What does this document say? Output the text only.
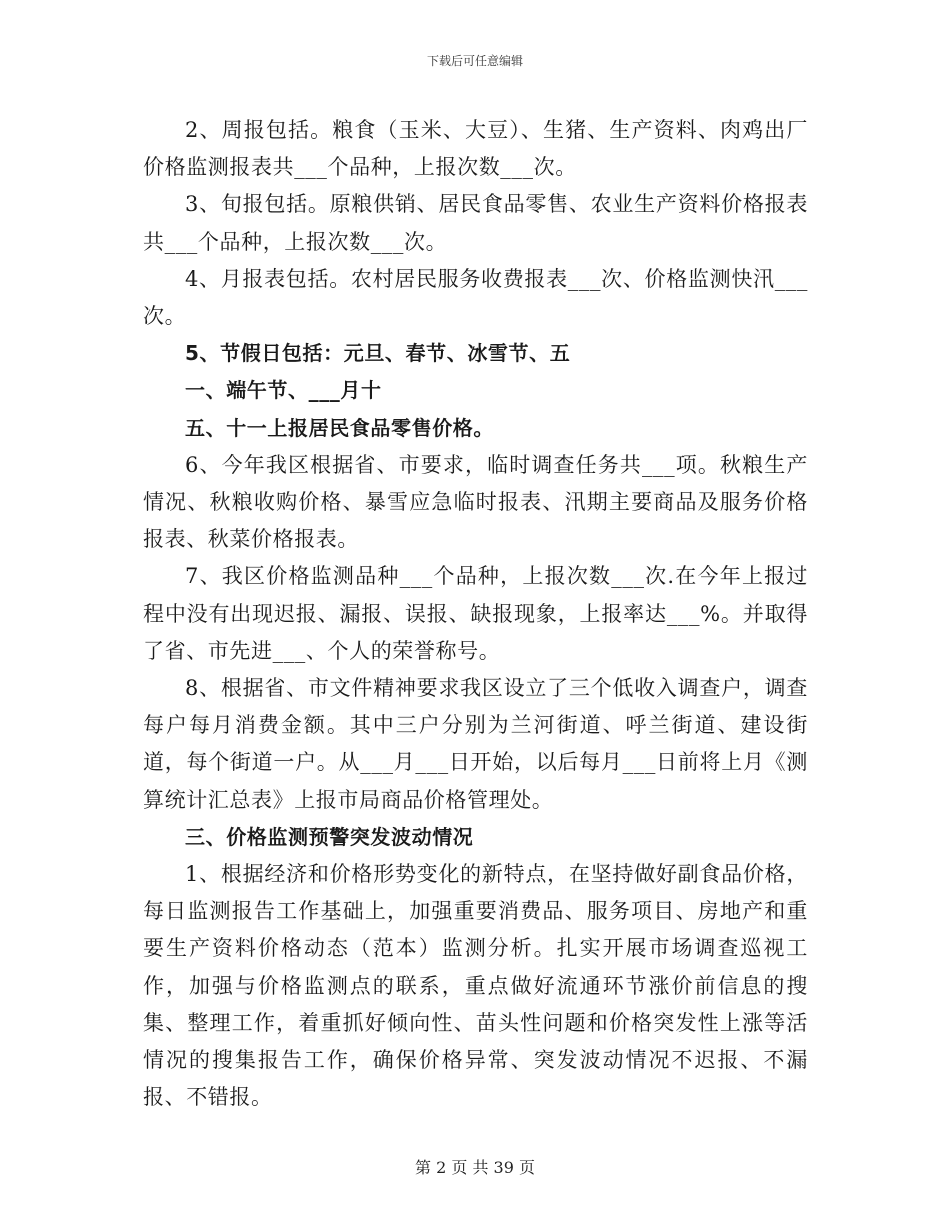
下载后可任意编辑

2、周报包括。粮食（玉米、大豆）、生猪、生产资料、肉鸡出厂价格监测报表共___个品种，上报次数___次。

3、旬报包括。原粮供销、居民食品零售、农业生产资料价格报表共___个品种，上报次数___次。

4、月报表包括。农村居民服务收费报表___次、价格监测快汛___次。

5、节假日包括：元旦、春节、冰雪节、五

一、端午节、___月十

五、十一上报居民食品零售价格。

6、今年我区根据省、市要求，临时调查任务共___项。秋粮生产情况、秋粮收购价格、暴雪应急临时报表、汛期主要商品及服务价格报表、秋菜价格报表。

7、我区价格监测品种___个品种，上报次数___次.在今年上报过程中没有出现迟报、漏报、误报、缺报现象，上报率达___%。并取得了省、市先进___、个人的荣誉称号。

8、根据省、市文件精神要求我区设立了三个低收入调查户，调查每户每月消费金额。其中三户分别为兰河街道、呼兰街道、建设街道，每个街道一户。从___月___日开始，以后每月___日前将上月《测算统计汇总表》上报市局商品价格管理处。

三、价格监测预警突发波动情况

1、根据经济和价格形势变化的新特点，在坚持做好副食品价格，每日监测报告工作基础上，加强重要消费品、服务项目、房地产和重要生产资料价格动态（范本）监测分析。扎实开展市场调查巡视工作，加强与价格监测点的联系，重点做好流通环节涨价前信息的搜集、整理工作，着重抓好倾向性、苗头性问题和价格突发性上涨等活情况的搜集报告工作，确保价格异常、突发波动情况不迟报、不漏报、不错报。

第 2 页 共 39 页
